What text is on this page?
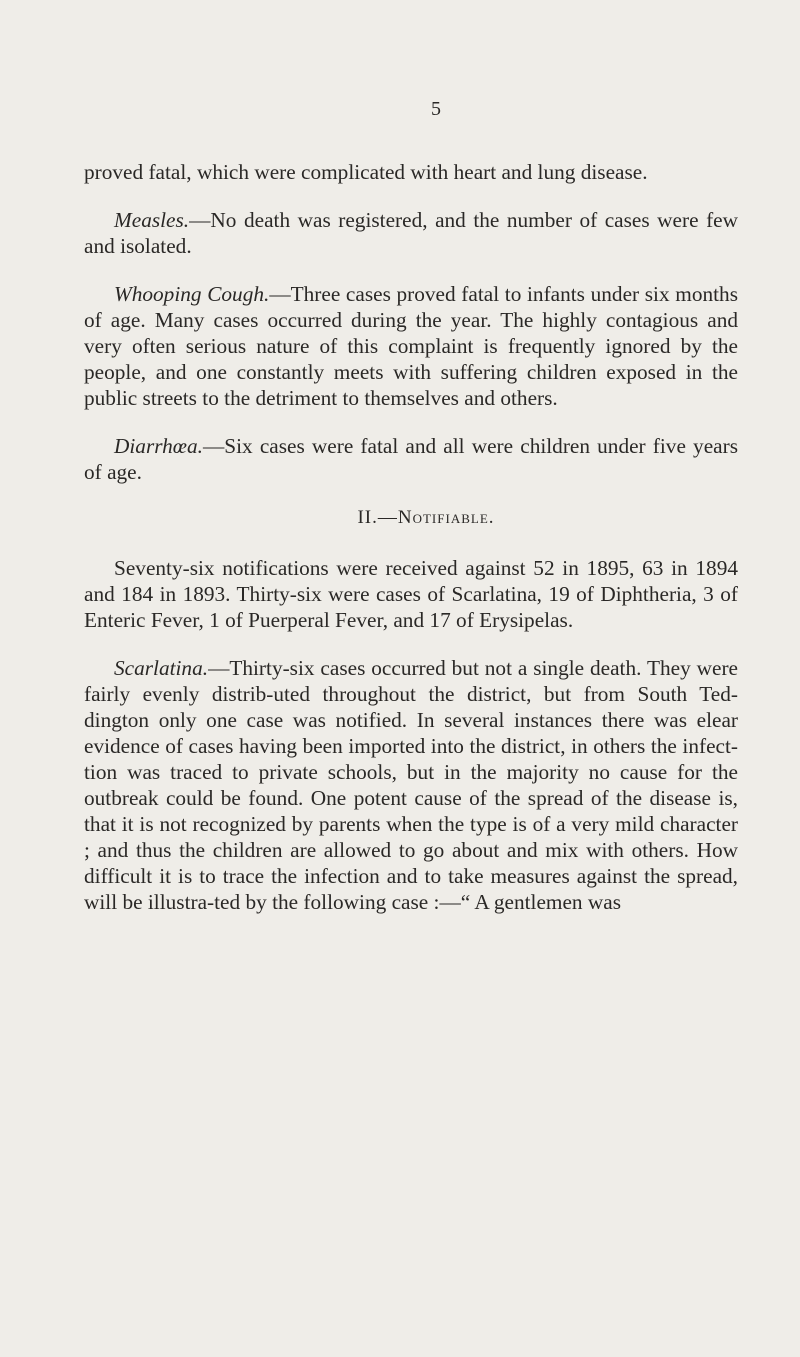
5

proved fatal, which were complicated with heart and lung disease.

Measles.—No death was registered, and the number of cases were few and isolated.

Whooping Cough.—Three cases proved fatal to infants under six months of age. Many cases occurred during the year. The highly contagious and very often serious nature of this complaint is frequently ignored by the people, and one constantly meets with suffering children exposed in the public streets to the detriment to themselves and others.

Diarrhœa.—Six cases were fatal and all were children under five years of age.

II.—Notifiable.

Seventy-six notifications were received against 52 in 1895, 63 in 1894 and 184 in 1893. Thirty-six were cases of Scarlatina, 19 of Diphtheria, 3 of Enteric Fever, 1 of Puerperal Fever, and 17 of Erysipelas.

Scarlatina.—Thirty-six cases occurred but not a single death. They were fairly evenly distrib-uted throughout the district, but from South Ted-dington only one case was notified. In several instances there was elear evidence of cases having been imported into the district, in others the infect-tion was traced to private schools, but in the majority no cause for the outbreak could be found. One potent cause of the spread of the disease is, that it is not recognized by parents when the type is of a very mild character ; and thus the children are allowed to go about and mix with others. How difficult it is to trace the infection and to take measures against the spread, will be illustra-ted by the following case :—“ A gentlemen was
